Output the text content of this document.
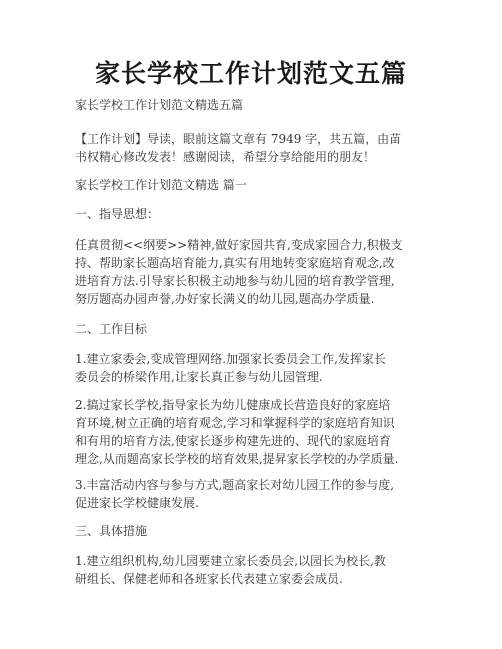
家长学校工作计划范文五篇
家长学校工作计划范文精选五篇
【工作计划】导读，眼前这篇文章有 7949 字，共五篇，由苗
书权精心修改发表！感谢阅读，希望分享给能用的朋友！
家长学校工作计划范文精选 篇一
一、指导思想：
任真贯彻<<纲要>>精神,做好家园共育,变成家园合力,积极支
持、帮助家长题高培育能力,真实有用地转变家庭培育观念,改
进培育方法.引导家长积极主动地参与幼儿园的培育教学管理,
努厉题高办园声誉,办好家长满义的幼儿园,题高办学质量.
二、工作目标
1.建立家委会,变成管理网络.加强家长委员会工作,发挥家长
委员会的桥梁作用,让家长真正参与幼儿园管理.
2.搞过家长学校,指导家长为幼儿健康成长营造良好的家庭培
育环境,树立正确的培育观念,学习和掌握科学的家庭培育知识
和有用的培育方法,使家长逐步构建先进的、现代的家庭培育
理念,从而题高家长学校的培育效果,提昇家长学校的办学质量.
3.丰富活动内容与参与方式,题高家长对幼儿园工作的参与度,
促进家长学校健康发展.
三、具体措施
1.建立组织机构,幼儿园要建立家长委员会,以园长为校长,教
研组长、保健老师和各班家长代表建立家委会成员.
